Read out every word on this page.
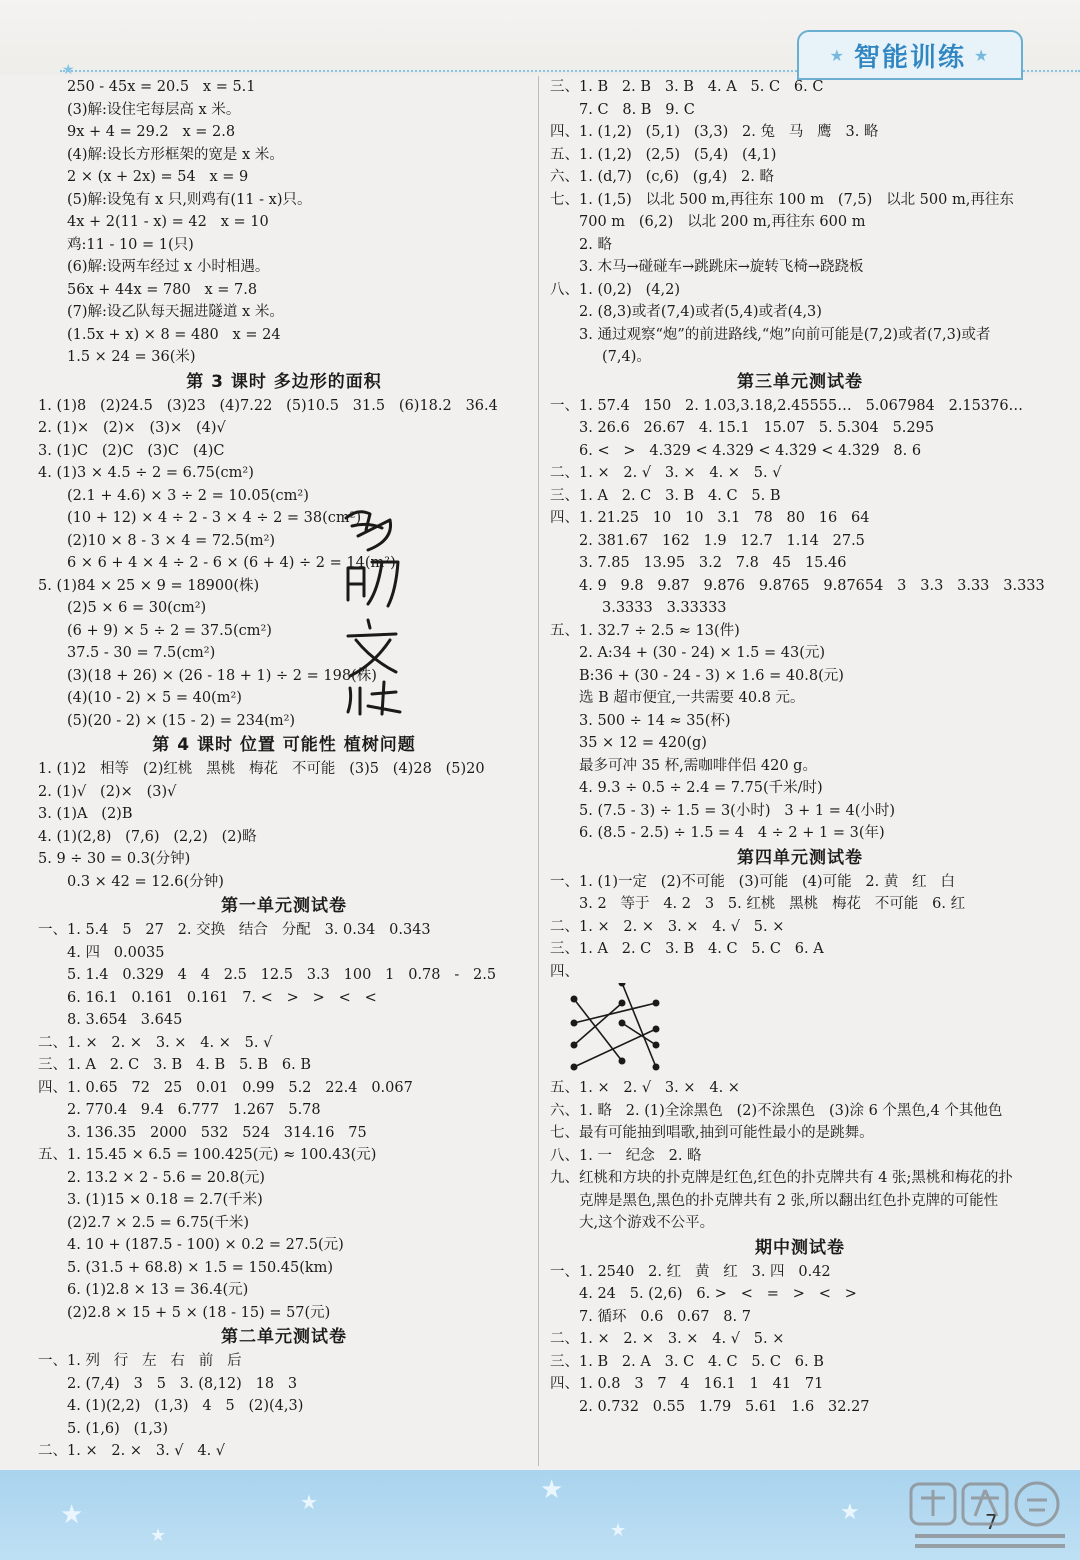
★
★ 智能训练 ★
250 - 45x = 20.5   x = 5.1
(3)解:设住宅每层高 x 米。
9x + 4 = 29.2   x = 2.8
(4)解:设长方形框架的宽是 x 米。
2 × (x + 2x) = 54   x = 9
(5)解:设兔有 x 只,则鸡有(11 - x)只。
4x + 2(11 - x) = 42   x = 10
鸡:11 - 10 = 1(只)
(6)解:设两车经过 x 小时相遇。
56x + 44x = 780   x = 7.8
(7)解:设乙队每天掘进隧道 x 米。
(1.5x + x) × 8 = 480   x = 24
1.5 × 24 = 36(米)
第 3 课时 多边形的面积
1. (1)8   (2)24.5   (3)23   (4)7.22   (5)10.5   31.5   (6)18.2   36.4
2. (1)×   (2)×   (3)×   (4)√
3. (1)C   (2)C   (3)C   (4)C
4. (1)3 × 4.5 ÷ 2 = 6.75(cm²)
(2.1 + 4.6) × 3 ÷ 2 = 10.05(cm²)
(10 + 12) × 4 ÷ 2 - 3 × 4 ÷ 2 = 38(cm²)
(2)10 × 8 - 3 × 4 = 72.5(m²)
6 × 6 + 4 × 4 ÷ 2 - 6 × (6 + 4) ÷ 2 = 14(m²)
5. (1)84 × 25 × 9 = 18900(株)
(2)5 × 6 = 30(cm²)
(6 + 9) × 5 ÷ 2 = 37.5(cm²)
37.5 - 30 = 7.5(cm²)
(3)(18 + 26) × (26 - 18 + 1) ÷ 2 = 198(株)
(4)(10 - 2) × 5 = 40(m²)
(5)(20 - 2) × (15 - 2) = 234(m²)
第 4 课时 位置 可能性 植树问题
1. (1)2   相等   (2)红桃   黑桃   梅花   不可能   (3)5   (4)28   (5)20
2. (1)√   (2)×   (3)√
3. (1)A   (2)B
4. (1)(2,8)   (7,6)   (2,2)   (2)略
5. 9 ÷ 30 = 0.3(分钟)
0.3 × 42 = 12.6(分钟)
第一单元测试卷
一、1. 5.4   5   27   2. 交换   结合   分配   3. 0.34   0.343
4. 四   0.0035
5. 1.4   0.329   4   4   2.5   12.5   3.3   100   1   0.78   -   2.5
6. 16.1   0.161   0.161   7. <   >   >   <   <
8. 3.654   3.645
二、1. ×   2. ×   3. ×   4. ×   5. √
三、1. A   2. C   3. B   4. B   5. B   6. B
四、1. 0.65   72   25   0.01   0.99   5.2   22.4   0.067
2. 770.4   9.4   6.777   1.267   5.78
3. 136.35   2000   532   524   314.16   75
五、1. 15.45 × 6.5 = 100.425(元) ≈ 100.43(元)
2. 13.2 × 2 - 5.6 = 20.8(元)
3. (1)15 × 0.18 = 2.7(千米)
(2)2.7 × 2.5 = 6.75(千米)
4. 10 + (187.5 - 100) × 0.2 = 27.5(元)
5. (31.5 + 68.8) × 1.5 = 150.45(km)
6. (1)2.8 × 13 = 36.4(元)
(2)2.8 × 15 + 5 × (18 - 15) = 57(元)
第二单元测试卷
一、1. 列   行   左   右   前   后
2. (7,4)   3   5   3. (8,12)   18   3
4. (1)(2,2)   (1,3)   4   5   (2)(4,3)
5. (1,6)   (1,3)
二、1. ×   2. ×   3. √   4. √
三、1. B   2. B   3. B   4. A   5. C   6. C
7. C   8. B   9. C
四、1. (1,2)   (5,1)   (3,3)   2. 兔   马   鹰   3. 略
五、1. (1,2)   (2,5)   (5,4)   (4,1)
六、1. (d,7)   (c,6)   (g,4)   2. 略
七、1. (1,5)   以北 500 m,再往东 100 m   (7,5)   以北 500 m,再往东
700 m   (6,2)   以北 200 m,再往东 600 m
2. 略
3. 木马→碰碰车→跳跳床→旋转飞椅→跷跷板
八、1. (0,2)   (4,2)
2. (8,3)或者(7,4)或者(5,4)或者(4,3)
3. 通过观察“炮”的前进路线,“炮”向前可能是(7,2)或者(7,3)或者
(7,4)。
第三单元测试卷
一、1. 57.4   150   2. 1.03,3.18,2.45555…   5.067984   2.15376…
3. 26.6   26.67   4. 15.1   15.07   5. 5.304   5.295
6. <   >   4.329 < 4.329̇ < 4.3̇29̇ < 4.3̇29̇   8. 6
二、1. ×   2. √   3. ×   4. ×   5. √
三、1. A   2. C   3. B   4. C   5. B
四、1. 21.25   10   10   3.1   78   80   16   64
2. 381.67   162   1.9   12.7   1.14   27.5
3. 7.85   13.95   3.2   7.8   45   15.46
4. 9   9.8   9.87   9.876   9.8765   9.87654   3   3.3   3.33   3.333
3.3333   3.33333
五、1. 32.7 ÷ 2.5 ≈ 13(件)
2. A:34 + (30 - 24) × 1.5 = 43(元)
B:36 + (30 - 24 - 3) × 1.6 = 40.8(元)
选 B 超市便宜,一共需要 40.8 元。
3. 500 ÷ 14 ≈ 35(杯)
35 × 12 = 420(g)
最多可冲 35 杯,需咖啡伴侣 420 g。
4. 9.3 ÷ 0.5 ÷ 2.4 = 7.75(千米/时)
5. (7.5 - 3) ÷ 1.5 = 3(小时)   3 + 1 = 4(小时)
6. (8.5 - 2.5) ÷ 1.5 = 4   4 ÷ 2 + 1 = 3(年)
第四单元测试卷
一、1. (1)一定   (2)不可能   (3)可能   (4)可能   2. 黄   红   白
3. 2   等于   4. 2   3   5. 红桃   黑桃   梅花   不可能   6. 红
二、1. ×   2. ×   3. ×   4. √   5. ×
三、1. A   2. C   3. B   4. C   5. C   6. A
四、
五、1. ×   2. √   3. ×   4. ×
六、1. 略   2. (1)全涂黑色   (2)不涂黑色   (3)涂 6 个黑色,4 个其他色
七、最有可能抽到唱歌,抽到可能性最小的是跳舞。
八、1. 一   纪念   2. 略
九、红桃和方块的扑克牌是红色,红色的扑克牌共有 4 张;黑桃和梅花的扑
克牌是黑色,黑色的扑克牌共有 2 张,所以翻出红色扑克牌的可能性
大,这个游戏不公平。
期中测试卷
一、1. 2540   2. 红   黄   红   3. 四   0.42
4. 24   5. (2,6)   6. >   <   =   >   <   >
7. 循环   0.6   0.67   8. 7
二、1. ×   2. ×   3. ×   4. √   5. ×
三、1. B   2. A   3. C   4. C   5. C   6. B
四、1. 0.8   3   7   4   16.1   1   41   71
2. 0.732   0.55   1.79   5.61   1.6   32.27
★
★
★	★
★
★	7
